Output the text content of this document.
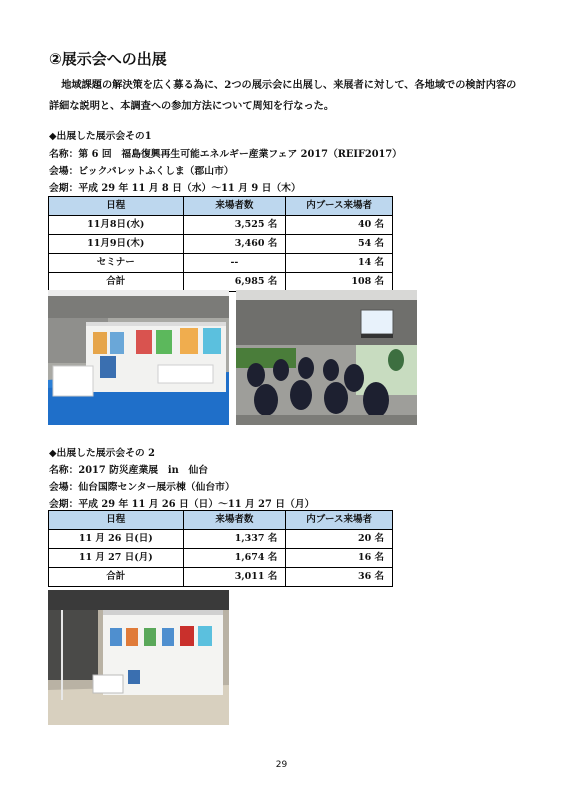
②展示会への出展
地域課題の解決策を広く募る為に、2つの展示会に出展し、来展者に対して、各地域での検討内容の詳細な説明と、本調査への参加方法について周知を行なった。
◆出展した展示会その1
名称：第 6 回　福島復興再生可能エネルギー産業フェア 2017（REIF2017）
会場：ビックパレットふくしま（郡山市）
会期：平成 29 年 11 月 8 日（水）～11 月 9 日（木）
日程	来場者数	内ブース来場者
11月8日(水)	3,525 名	40 名
11月9日(木)	3,460 名	54 名
セミナー	--	14 名
合計	6,985 名	108 名
◆出展した展示会その 2
名称：2017 防災産業展　in　仙台
会場：仙台国際センター展示棟（仙台市）
会期：平成 29 年 11 月 26 日（日）～11 月 27 日（月）
日程	来場者数	内ブース来場者
11 月 26 日(日)	1,337 名	20 名
11 月 27 日(月)	1,674 名	16 名
合計	3,011 名	36 名
29
